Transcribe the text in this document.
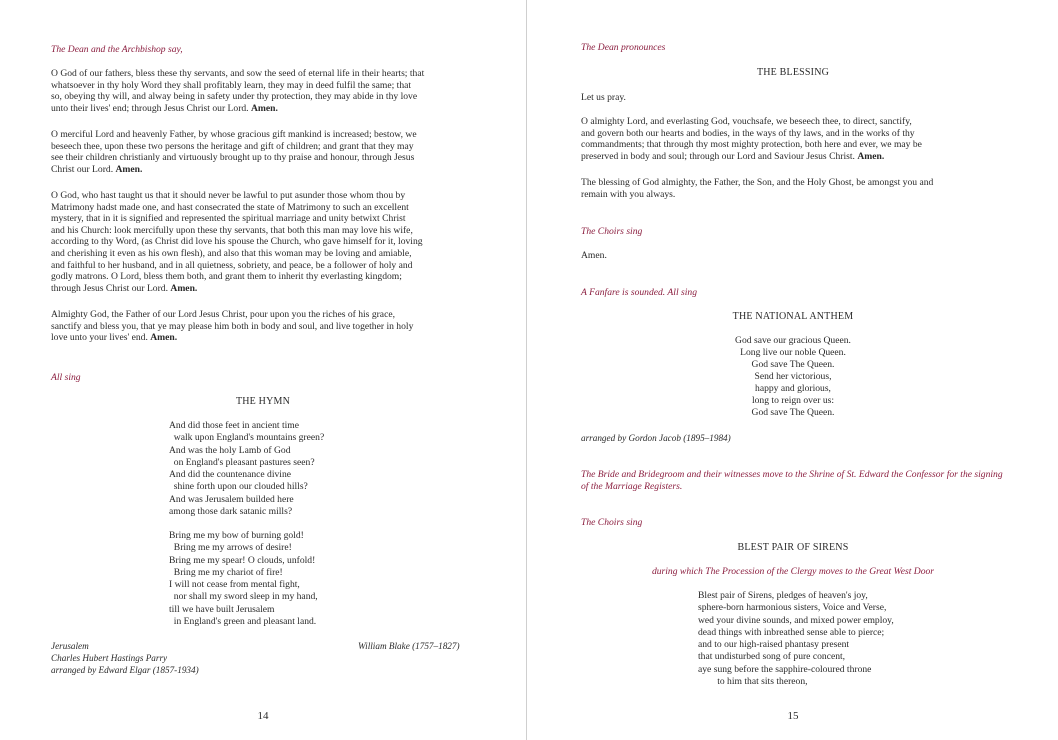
The Dean and the Archbishop say,
O God of our fathers, bless these thy servants, and sow the seed of eternal life in their hearts; that
whatsoever in thy holy Word they shall profitably learn, they may in deed fulfil the same; that
so, obeying thy will, and alway being in safety under thy protection, they may abide in thy love
unto their lives' end; through Jesus Christ our Lord. Amen.
O merciful Lord and heavenly Father, by whose gracious gift mankind is increased; bestow, we
beseech thee, upon these two persons the heritage and gift of children; and grant that they may
see their children christianly and virtuously brought up to thy praise and honour, through Jesus
Christ our Lord. Amen.
O God, who hast taught us that it should never be lawful to put asunder those whom thou by
Matrimony hadst made one, and hast consecrated the state of Matrimony to such an excellent
mystery, that in it is signified and represented the spiritual marriage and unity betwixt Christ
and his Church: look mercifully upon these thy servants, that both this man may love his wife,
according to thy Word, (as Christ did love his spouse the Church, who gave himself for it, loving
and cherishing it even as his own flesh), and also that this woman may be loving and amiable,
and faithful to her husband, and in all quietness, sobriety, and peace, be a follower of holy and
godly matrons. O Lord, bless them both, and grant them to inherit thy everlasting kingdom;
through Jesus Christ our Lord. Amen.
Almighty God, the Father of our Lord Jesus Christ, pour upon you the riches of his grace,
sanctify and bless you, that ye may please him both in body and soul, and live together in holy
love unto your lives' end. Amen.
All sing
THE HYMN
And did those feet in ancient time
walk upon England's mountains green?
And was the holy Lamb of God
on England's pleasant pastures seen?
And did the countenance divine
shine forth upon our clouded hills?
And was Jerusalem builded here
among those dark satanic mills?
Bring me my bow of burning gold!
Bring me my arrows of desire!
Bring me my spear! O clouds, unfold!
Bring me my chariot of fire!
I will not cease from mental fight,
nor shall my sword sleep in my hand,
till we have built Jerusalem
in England's green and pleasant land.
Jerusalem
Charles Hubert Hastings Parry
arranged by Edward Elgar (1857-1934)
William Blake (1757–1827)
14
The Dean pronounces
THE BLESSING
Let us pray.
O almighty Lord, and everlasting God, vouchsafe, we beseech thee, to direct, sanctify,
and govern both our hearts and bodies, in the ways of thy laws, and in the works of thy
commandments; that through thy most mighty protection, both here and ever, we may be
preserved in body and soul; through our Lord and Saviour Jesus Christ. Amen.
The blessing of God almighty, the Father, the Son, and the Holy Ghost, be amongst you and
remain with you always.
The Choirs sing
Amen.
A Fanfare is sounded. All sing
THE NATIONAL ANTHEM
God save our gracious Queen.
Long live our noble Queen.
God save The Queen.
Send her victorious,
happy and glorious,
long to reign over us:
God save The Queen.
arranged by Gordon Jacob (1895–1984)
The Bride and Bridegroom and their witnesses move to the Shrine of St. Edward the Confessor for the signing
of the Marriage Registers.
The Choirs sing
BLEST PAIR OF SIRENS
during which The Procession of the Clergy moves to the Great West Door
Blest pair of Sirens, pledges of heaven's joy,
sphere-born harmonious sisters, Voice and Verse,
wed your divine sounds, and mixed power employ,
dead things with inbreathed sense able to pierce;
and to our high-raised phantasy present
that undisturbed song of pure concent,
aye sung before the sapphire-coloured throne
to him that sits thereon,
15
